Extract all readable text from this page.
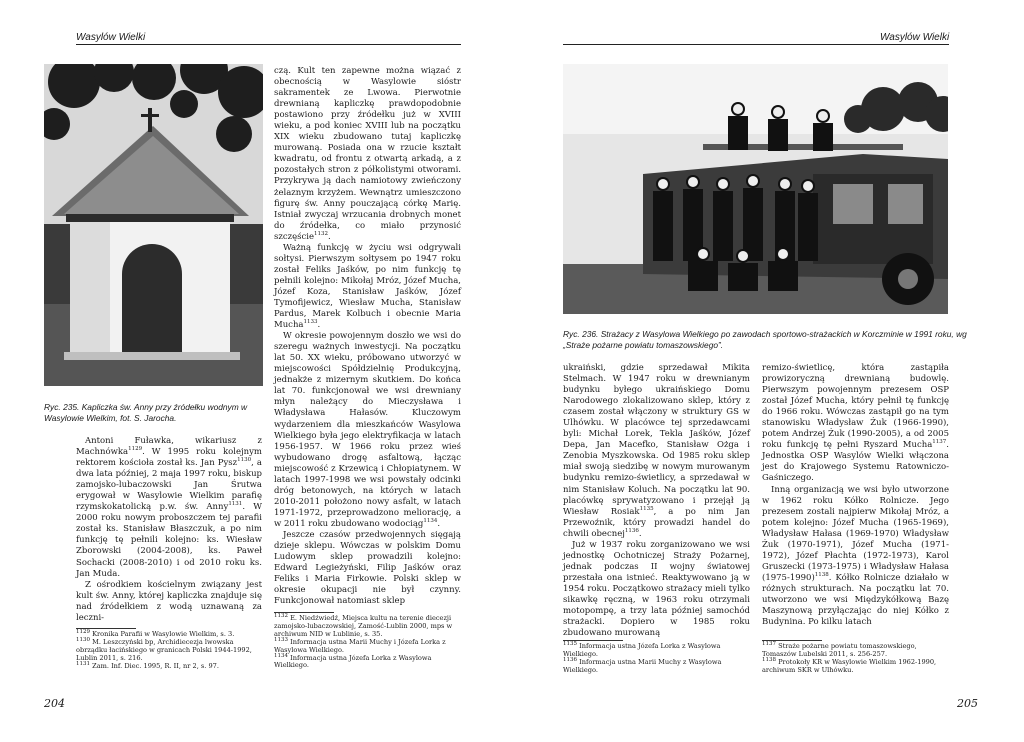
Wasylów Wielki
Ryc. 235. Kapliczka św. Anny przy źródełku wodnym w Wasylowie Wielkim, fot. S. Jarocha.

Antoni Fuławka, wikariusz z Machnówka$^{1129}$. W 1995 roku kolejnym rektorem kościoła został ks. Jan Pysz$^{1130}$, a dwa lata później, 2 maja 1997 roku, biskup zamojsko-lubaczowski Jan Śrutwa erygował w Wasylowie Wielkim parafię rzymskokatolicką p.w. św. Anny$^{1131}$. W 2000 roku nowym proboszczem tej parafii został ks. Stanisław Błaszczuk, a po nim funkcję tę pełnili kolejno: ks. Wiesław Zborowski (2004-2008), ks. Paweł Sochacki (2008-2010) i od 2010 roku ks. Jan Muda.

Z ośrodkiem kościelnym związany jest kult św. Anny, której kapliczka znajduje się nad źródełkiem z wodą uznawaną za leczni-

czą. Kult ten zapewne można wiązać z obecnością w Wasylowie sióstr sakramentek ze Lwowa. Pierwotnie drewnianą kapliczkę prawdopodobnie postawiono przy źródełku już w XVIII wieku, a pod koniec XVIII lub na początku XIX wieku zbudowano tutaj kapliczkę murowaną. Posiada ona w rzucie kształt kwadratu, od frontu z otwartą arkadą, a z pozostałych stron z półkolistymi otworami. Przykrywa ją dach namiotowy zwieńczony żelaznym krzyżem. Wewnątrz umieszczono figurę św. Anny pouczającą córkę Marię. Istniał zwyczaj wrzucania drobnych monet do źródełka, co miało przynosić szczęście$^{1132}$.

Ważną funkcję w życiu wsi odgrywali sołtysi. Pierwszym sołtysem po 1947 roku został Feliks Jaśków, po nim funkcję tę pełnili kolejno: Mikołaj Mróz, Józef Mucha, Józef Koza, Stanisław Jaśków, Józef Tymofijewicz, Wiesław Mucha, Stanisław Pardus, Marek Kolbuch i obecnie Maria Mucha$^{1133}$.

W okresie powojennym doszło we wsi do szeregu ważnych inwestycji. Na początku lat 50. XX wieku, próbowano utworzyć w miejscowości Spółdzielnię Produkcyjną, jednakże z mizernym skutkiem. Do końca lat 70. funkcjonował we wsi drewniany młyn należący do Mieczysława i Władysława Hałasów. Kluczowym wydarzeniem dla mieszkańców Wasylowa Wielkiego była jego elektryfikacja w latach 1956-1957. W 1966 roku przez wieś wybudowano drogę asfaltową, łącząc miejscowość z Krzewicą i Chłopiatynem. W latach 1997-1998 we wsi powstały odcinki dróg betonowych, na których w latach 2010-2011 położono nowy asfalt, w latach 1971-1972, przeprowadzono meliorację, a w 2011 roku zbudowano wodociąg$^{1134}$.

Jeszcze czasów przedwojennych sięgają dzieje sklepu. Wówczas w polskim Domu Ludowym sklep prowadzili kolejno: Edward Legieżyński, Filip Jaśków oraz Feliks i Maria Firkowie. Polski sklep w okresie okupacji nie był czynny. Funkcjonował natomiast sklep

$^{1129}$ Kronika Parafii w Wasylowie Wielkim, s. 3.
$^{1130}$ M. Leszczyński bp, Archidiecezja lwowska obrządku łacińskiego w granicach Polski 1944-1992, Lublin 2011, s. 216.
$^{1131}$ Zam. Inf. Diec. 1995, R. II, nr 2, s. 97.
$^{1132}$ E. Niedźwiedź, Miejsca kultu na terenie diecezji zamojsko-lubaczowskiej, Zamość-Lublin 2000, mps w archiwum NID w Lublinie, s. 35.
$^{1133}$ Informacja ustna Marii Muchy i Józefa Lorka z Wasylowa Wielkiego.
$^{1134}$ Informacja ustna Józefa Lorka z Wasylowa Wielkiego.
204
Wasylów Wielki
Ryc. 236. Strażacy z Wasylowa Wielkiego po zawodach sportowo-strażackich w Korczminie w 1991 roku, wg „Straże pożarne powiatu tomaszowskiego”.

ukraiński, gdzie sprzedawał Mikita Stelmach. W 1947 roku w drewnianym budynku byłego ukraińskiego Domu Narodowego zlokalizowano sklep, który z czasem został włączony w struktury GS w Ulhówku. W placówce tej sprzedawcami byli: Michał Lorek, Tekla Jaśków, Józef Depa, Jan Macefko, Stanisław Ożga i Zenobia Myszkowska. Od 1985 roku sklep miał swoją siedzibę w nowym murowanym budynku remizo-świetlicy, a sprzedawał w nim Stanisław Koluch. Na początku lat 90. placówkę sprywatyzowano i przejął ją Wiesław Rosiak$^{1135}$, a po nim Jan Przewoźnik, który prowadzi handel do chwili obecnej$^{1136}$.

Już w 1937 roku zorganizowano we wsi jednostkę Ochotniczej Straży Pożarnej, jednak podczas II wojny światowej przestała ona istnieć. Reaktywowano ją w 1954 roku. Początkowo strażacy mieli tylko sikawkę ręczną, w 1963 roku otrzymali motopompę, a trzy lata później samochód strażacki. Dopiero w 1985 roku zbudowano murowaną

remizo-świetlicę, która zastąpiła prowizoryczną drewnianą budowlę. Pierwszym powojennym prezesem OSP został Józef Mucha, który pełnił tę funkcję do 1966 roku. Wówczas zastąpił go na tym stanowisku Władysław Żuk (1966-1990), potem Andrzej Żuk (1990-2005), a od 2005 roku funkcję tę pełni Ryszard Mucha$^{1137}$. Jednostka OSP Wasylów Wielki włączona jest do Krajowego Systemu Ratowniczo-Gaśniczego.

Inną organizacją we wsi było utworzone w 1962 roku Kółko Rolnicze. Jego prezesem zostali najpierw Mikołaj Mróz, a potem kolejno: Józef Mucha (1965-1969), Władysław Hałasa (1969-1970) Władysław Żuk (1970-1971), Józef Mucha (1971-1972), Józef Płachta (1972-1973), Karol Gruszecki (1973-1975) i Władysław Hałasa (1975-1990)$^{1138}$. Kółko Rolnicze działało w różnych strukturach. Na początku lat 70. utworzono we wsi Międzykółkową Bazę Maszynową przyłączając do niej Kółko z Budynina. Po kilku latach

$^{1135}$ Informacja ustna Józefa Lorka z Wasylowa Wielkiego.
$^{1136}$ Informacja ustna Marii Muchy z Wasylowa Wielkiego.
$^{1137}$ Straże pożarne powiatu tomaszowskiego, Tomaszów Lubelski 2011, s. 256-257.
$^{1138}$ Protokoły KR w Wasylowie Wielkim 1962-1990, archiwum SKR w Ulhówku.
205
